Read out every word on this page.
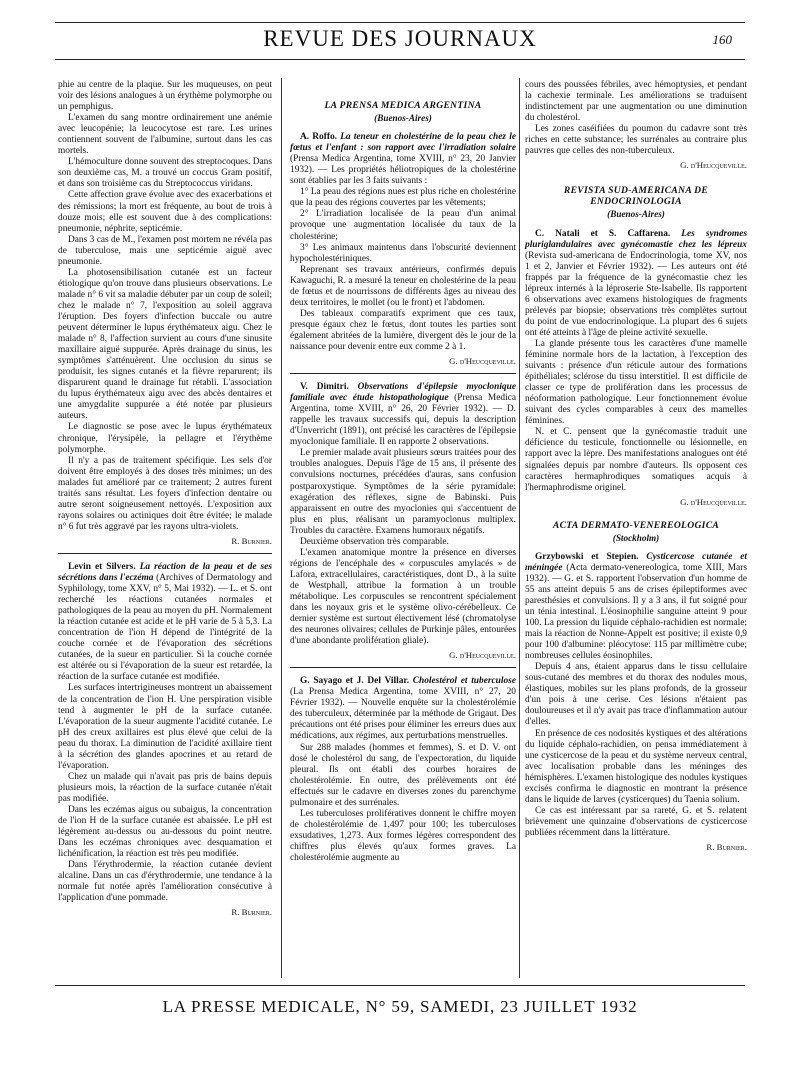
REVUE DES JOURNAUX	160

phie au centre de la plaque. Sur les muqueuses, on peut voir des lésions analogues à un érythème polymorphe ou un pemphigus.

L'examen du sang montre ordinairement une anémie avec leucopénie; la leucocytose est rare. Les urines contiennent souvent de l'albumine, surtout dans les cas mortels.

L'hémoculture donne souvent des streptocoques. Dans son deuxième cas, M. a trouvé un coccus Gram positif, et dans son troisième cas du Streptococcus viridans.

Cette affection grave évolue avec des exacerbations et des rémissions; la mort est fréquente, au bout de trois à douze mois; elle est souvent due à des complications: pneumonie, néphrite, septicémie.

Dans 3 cas de M., l'examen post mortem ne révéla pas de tuberculose, mais une septicémie aiguë avec pneumonie.

La photosensibilisation cutanée est un facteur étiologique qu'on trouve dans plusieurs observations. Le malade n° 6 vit sa maladie débuter par un coup de soleil; chez le malade n° 7, l'exposition au soleil aggrava l'éruption. Des foyers d'infection buccale ou autre peuvent déterminer le lupus érythémateux aigu. Chez le malade n° 8, l'affection survient au cours d'une sinusite maxillaire aiguë suppurée. Après drainage du sinus, les symptômes s'atténuèrent. Une occlusion du sinus se produisit, les signes cutanés et la fièvre reparurent; ils disparurent quand le drainage fut rétabli. L'association du lupus érythémateux aigu avec des abcès dentaires et une amygdalite suppurée a été notée par plusieurs auteurs.

Le diagnostic se pose avec le lupus érythémateux chronique, l'érysipèle, la pellagre et l'érythème polymorphe.

Il n'y a pas de traitement spécifique. Les sels d'or doivent être employés à des doses très minimes; un des malades fut amélioré par ce traitement; 2 autres furent traités sans résultat. Les foyers d'infection dentaire ou autre seront soigneusement nettoyés. L'exposition aux rayons solaires ou actiniques doit être évitée; le malade n° 6 fut très aggravé par les rayons ultra-violets.

R. Burnier.

Levin et Silvers. La réaction de la peau et de ses sécrétions dans l'eczéma (Archives of Dermatology and Syphilology, tome XXV, n° 5, Mai 1932). — L. et S. ont recherché les réactions cutanées normales et pathologiques de la peau au moyen du pH. Normalement la réaction cutanée est acide et le pH varie de 5 à 5,3. La concentration de l'ion H dépend de l'intégrité de la couche cornée et de l'évaporation des sécrétions cutanées, de la sueur en particulier. Si la couche cornée est altérée ou si l'évaporation de la sueur est retardée, la réaction de la surface cutanée est modifiée.

Les surfaces intertrigineuses montrent un abaissement de la concentration de l'ion H. Une perspiration visible tend à augmenter le pH de la surface cutanée. L'évaporation de la sueur augmente l'acidité cutanée. Le pH des creux axillaires est plus élevé que celui de la peau du thorax. La diminution de l'acidité axillaire tient à la sécrétion des glandes apocrines et au retard de l'évaporation.

Chez un malade qui n'avait pas pris de bains depuis plusieurs mois, la réaction de la surface cutanée n'était pas modifiée.

Dans les eczémas aigus ou subaigus, la concentration de l'ion H de la surface cutanée est abaissée. Le pH est légèrement au-dessus ou au-dessous du point neutre. Dans les eczémas chroniques avec desquamation et lichénification, la réaction est très peu modifiée.

Dans l'érythrodermie, la réaction cutanée devient alcaline. Dans un cas d'érythrodermie, une tendance à la normale fut notée après l'amélioration consécutive à l'application d'une pommade.

R. Burnier.
LA PRENSA MEDICA ARGENTINA
(Buenos-Aires)

A. Roffo. La teneur en cholestérine de la peau chez le fœtus et l'enfant : son rapport avec l'irradiation solaire (Prensa Medica Argentina, tome XVIII, n° 23, 20 Janvier 1932). — Les propriétés héliotropiques de la cholestérine sont établies par les 3 faits suivants :

1° La peau des régions nues est plus riche en cholestérine que la peau des régions couvertes par les vêtements;

2° L'irradiation localisée de la peau d'un animal provoque une augmentation localisée du taux de la cholestérine;

3° Les animaux maintenus dans l'obscurité deviennent hypocholestériniques.

Reprenant ses travaux antérieurs, confirmés depuis Kawaguchi, R. a mesuré la teneur en cholestérine de la peau de fœtus et de nourrissons de différents âges au niveau des deux territoires, le mollet (ou le front) et l'abdomen.

Des tableaux comparatifs expriment que ces taux, presque égaux chez le fœtus, dont toutes les parties sont également abritées de la lumière, divergent dès le jour de la naissance pour devenir entre eux comme 2 à 1.

G. d'Heucqueville.

V. Dimitri. Observations d'épilepsie myoclonique familiale avec étude histopathologique (Prensa Medica Argentina, tome XVIII, n° 26, 20 Février 1932). — D. rappelle les travaux successifs qui, depuis la description d'Unverricht (1891), ont précisé les caractères de l'épilepsie myoclonique familiale. Il en rapporte 2 observations.

Le premier malade avait plusieurs sœurs traitées pour des troubles analogues. Depuis l'âge de 15 ans, il présente des convulsions nocturnes, précédées d'auras, sans confusion postparoxystique. Symptômes de la série pyramidale: exagération des réflexes, signe de Babinski. Puis apparaissent en outre des myoclonies qui s'accentuent de plus en plus, réalisant un paramyoclonus multiplex. Troubles du caractère. Examens humoraux négatifs.

Deuxième observation très comparable.

L'examen anatomique montre la présence en diverses régions de l'encéphale des « corpuscules amylacés » de Lafora, extracellulaires, caractéristiques, dont D., à la suite de Westphall, attribue la formation à un trouble métabolique. Les corpuscules se rencontrent spécialement dans les noyaux gris et le système olivo-cérébelleux. Ce dernier système est surtout électivement lésé (chromatolyse des neurones olivaires; cellules de Purkinje pâles, entourées d'une abondante prolifération gliale).

G. d'Heucqueville.

G. Sayago et J. Del Villar. Cholestérol et tuberculose (La Prensa Medica Argentina, tome XVIII, n° 27, 20 Février 1932). — Nouvelle enquête sur la cholestérolémie des tuberculeux, déterminée par la méthode de Grigaut. Des précautions ont été prises pour éliminer les erreurs dues aux médications, aux régimes, aux perturbations menstruelles.

Sur 288 malades (hommes et femmes), S. et D. V. ont dosé le cholestérol du sang, de l'expectoration, du liquide pleural. Ils ont établi des courbes horaires de cholestérolémie. En outre, des prélèvements ont été effectués sur le cadavre en diverses zones du parenchyme pulmonaire et des surrénales.

Les tuberculoses prolifératives donnent le chiffre moyen de cholestérolémie de 1,497 pour 100; les tuberculoses exsudatives, 1,273. Aux formes légères correspondent des chiffres plus élevés qu'aux formes graves. La cholestérolémie augmente au

cours des poussées fébriles, avec hémoptysies, et pendant la cachexie terminale. Les améliorations se traduisent indistinctement par une augmentation ou une diminution du cholestérol.

Les zones caséifiées du poumon du cadavre sont très riches en cette substance; les surrénales au contraire plus pauvres que celles des non-tuberculeux.

G. d'Heucqueville.
REVISTA SUD-AMERICANA DE ENDOCRINOLOGIA
(Buenos-Aires)

C. Natali et S. Caffarena. Les syndromes pluriglandulaires avec gynécomastie chez les lépreux (Revista sud-americana de Endocrinologia, tome XV, nos 1 et 2, Janvier et Février 1932). — Les auteurs ont été frappés par la fréquence de la gynécomastie chez les lépreux internés à la léproserie Ste-Isabelle. Ils rapportent 6 observations avec examens histologiques de fragments prélevés par biopsie; observations très complètes surtout du point de vue endocrinologique. La plupart des 6 sujets ont été atteints à l'âge de pleine activité sexuelle.

La glande présente tous les caractères d'une mamelle féminine normale hors de la lactation, à l'exception des suivants : présence d'un réticule autour des formations épithéliales; sclérose du tissu interstitiel. Il est difficile de classer ce type de prolifération dans les processus de néoformation pathologique. Leur fonctionnement évolue suivant des cycles comparables à ceux des mamelles féminines.

N. et C. pensent que la gynécomastie traduit une déficience du testicule, fonctionnelle ou lésionnelle, en rapport avec la lèpre. Des manifestations analogues ont été signalées depuis par nombre d'auteurs. Ils opposent ces caractères hermaphrodiques somatiques acquis à l'hermaphrodisme originel.

G. d'Heucqueville.
ACTA DERMATO-VENEREOLOGICA
(Stockholm)

Grzybowski et Stepien. Cysticercose cutanée et méningée (Acta dermato-venereologica, tome XIII, Mars 1932). — G. et S. rapportent l'observation d'un homme de 55 ans atteint depuis 5 ans de crises épileptiformes avec paresthésies et convulsions. Il y a 3 ans, il fut soigné pour un ténia intestinal. L'éosinophilie sanguine atteint 9 pour 100. La pression du liquide céphalo-rachidien est normale; mais la réaction de Nonne-Appelt est positive; il existe 0,9 pour 100 d'albumine: pléocytose: 115 par millimètre cube; nombreuses cellules éosinophiles.

Depuis 4 ans, étaient apparus dans le tissu cellulaire sous-cutané des membres et du thorax des nodules mous, élastiques, mobiles sur les plans profonds, de la grosseur d'un pois à une cerise. Ces lésions n'étaient pas douloureuses et il n'y avait pas trace d'inflammation autour d'elles.

En présence de ces nodosités kystiques et des altérations du liquide céphalo-rachidien, on pensa immédiatement à une cysticercose de la peau et du système nerveux central, avec localisation probable dans les méninges des hémisphères. L'examen histologique des nodules kystiques excisés confirma le diagnostic en montrant la présence dans le liquide de larves (cysticerques) du Taenia solium.

Ce cas est intéressant par sa rareté, G. et S. relatent brièvement une quinzaine d'observations de cysticercose publiées récemment dans la littérature.

R. Burnier.
LA PRESSE MEDICALE, N° 59, SAMEDI, 23 JUILLET 1932
